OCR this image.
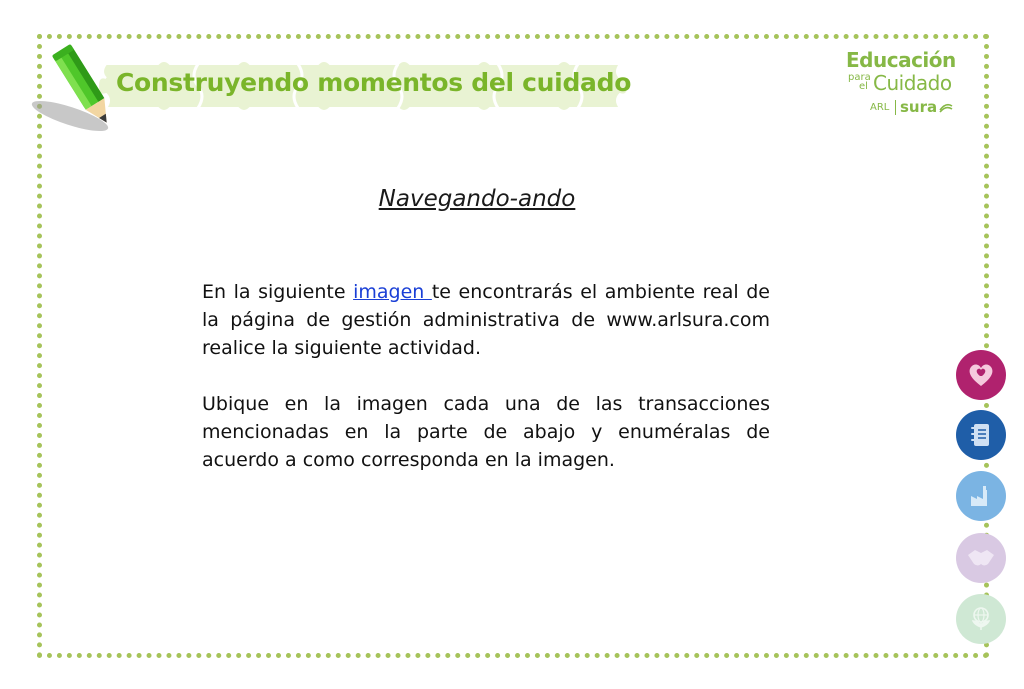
Construyendo momentos del cuidado
Educación
para
el Cuidado
ARL sura
Navegando-ando

En la siguiente imagen te encontrarás el ambiente real de la página de gestión administrativa de www.arlsura.com realice la siguiente actividad.

Ubique en la imagen cada una de las transacciones mencionadas en la parte de abajo y enuméralas de acuerdo a como corresponda en la imagen.
